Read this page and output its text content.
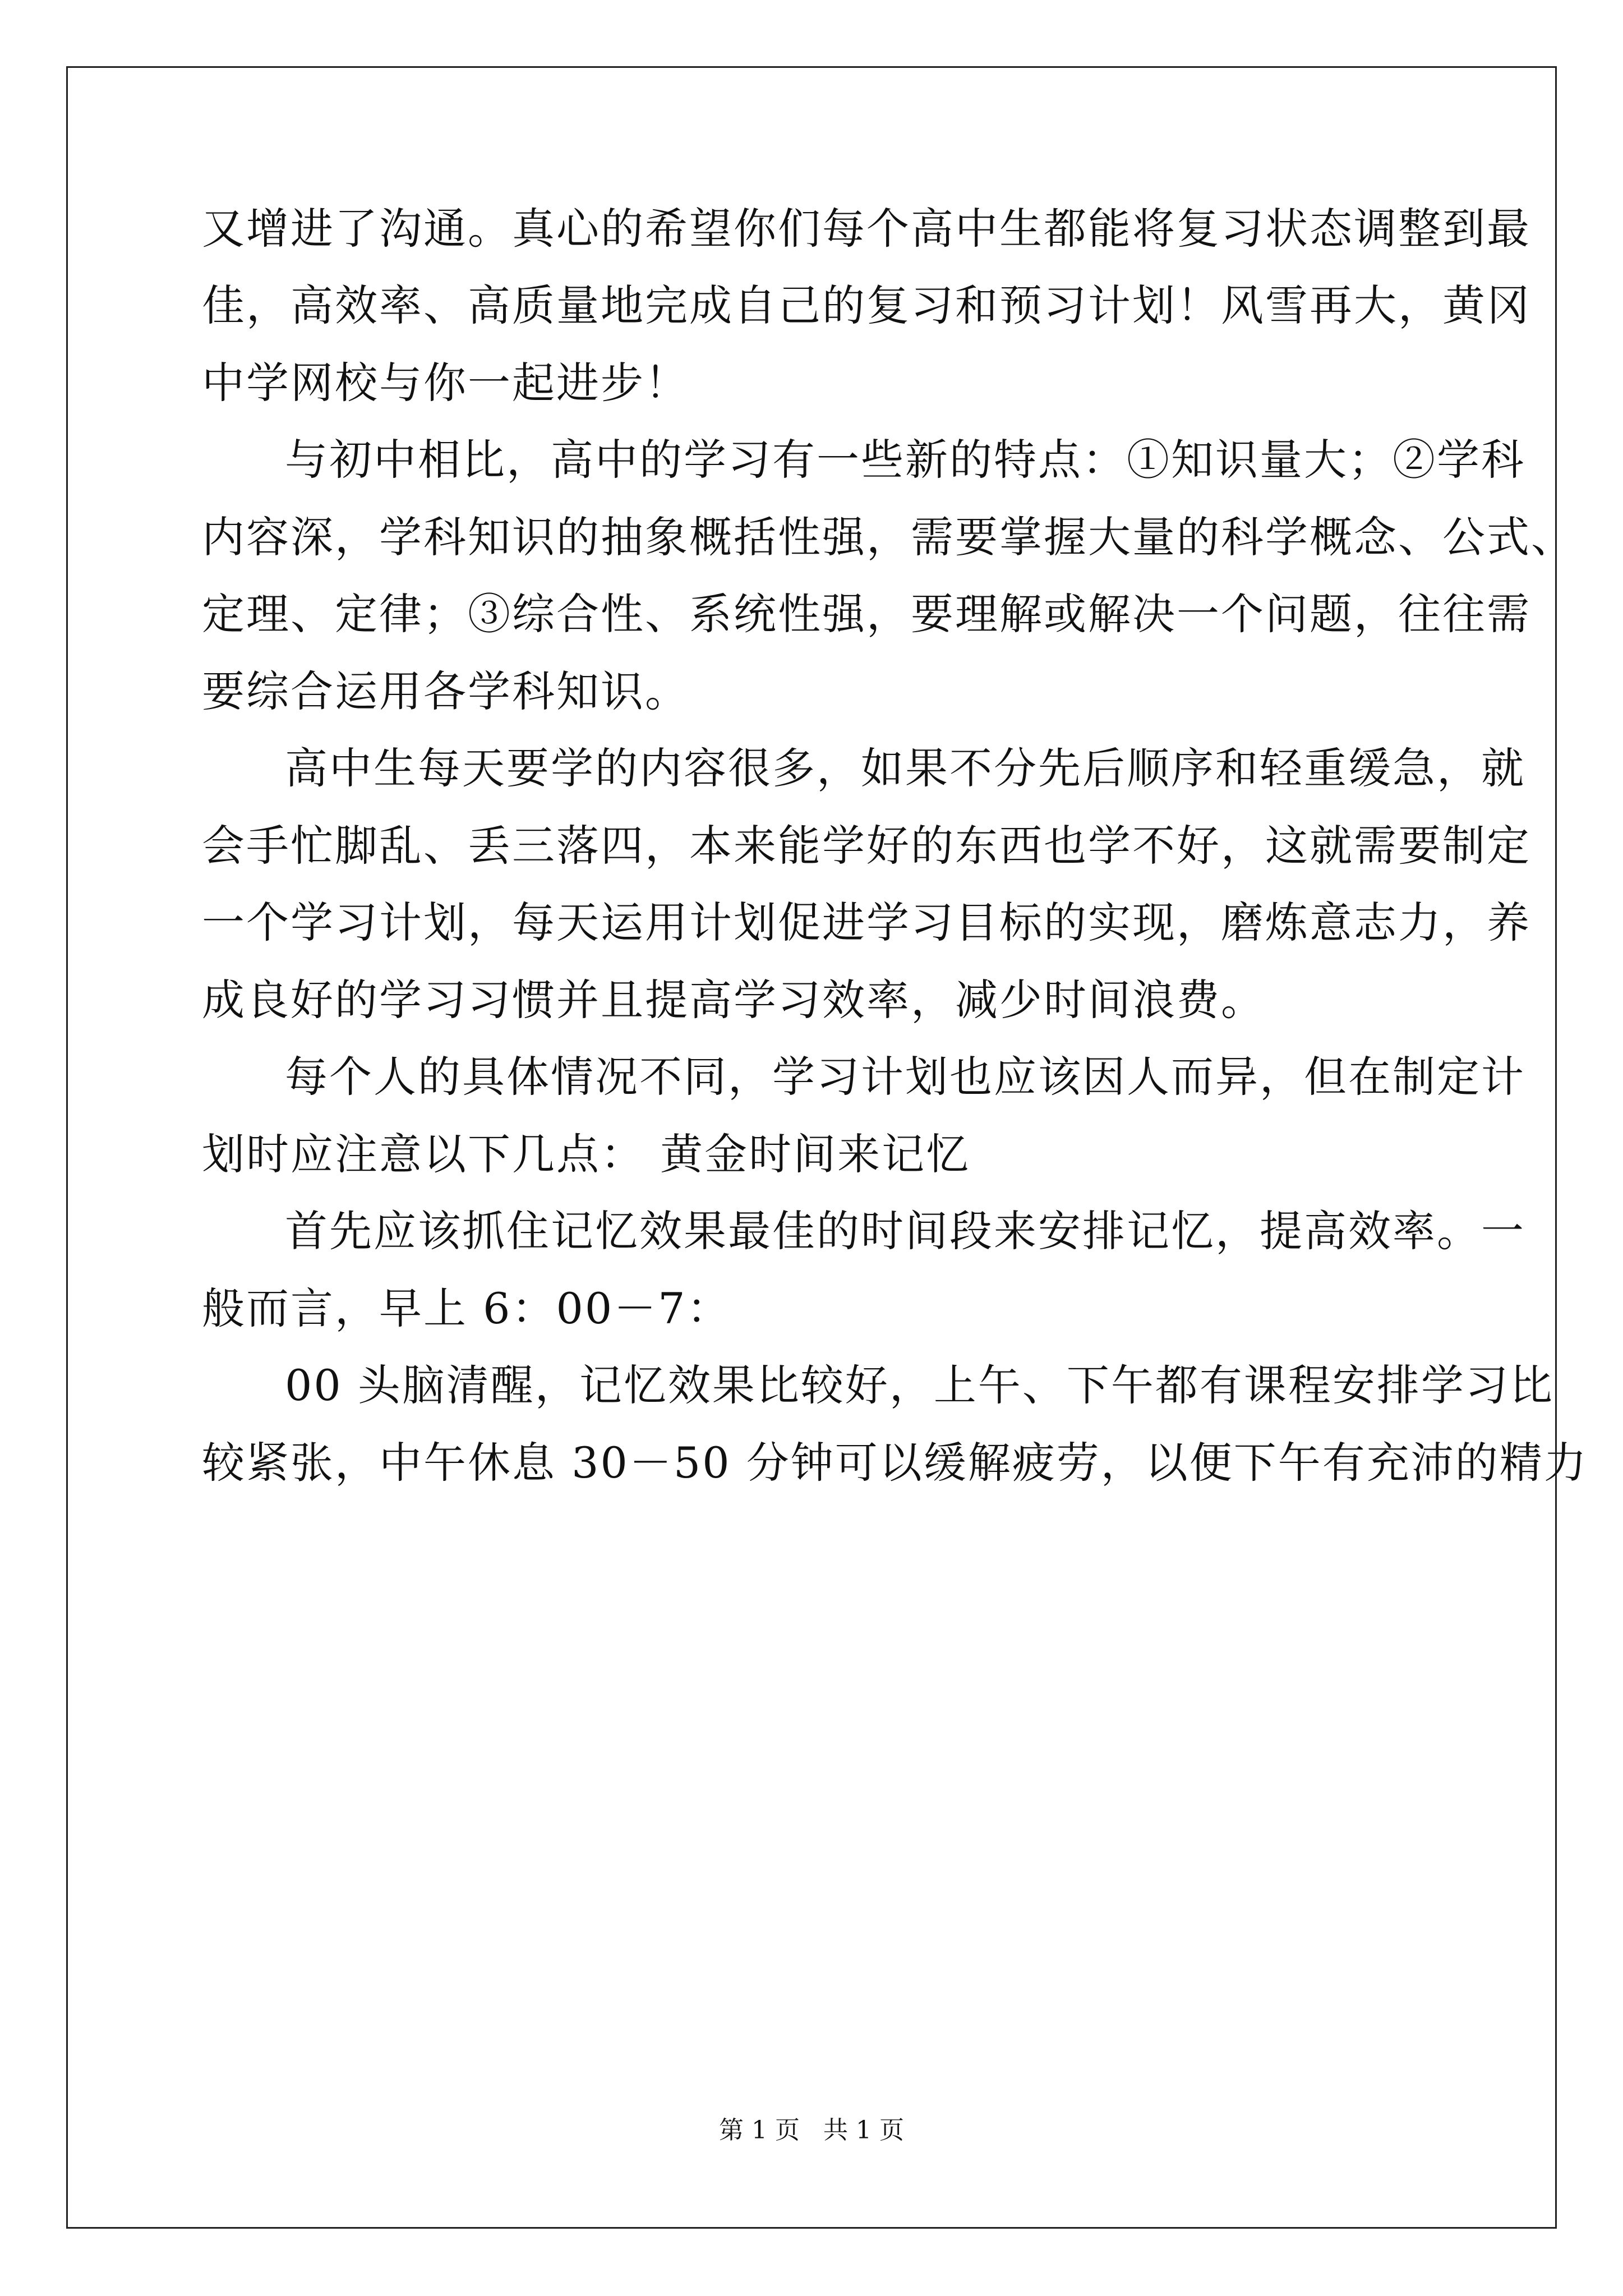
又增进了沟通。真心的希望你们每个高中生都能将复习状态调整到最
佳，高效率、高质量地完成自己的复习和预习计划！风雪再大，黄冈
中学网校与你一起进步！
与初中相比，高中的学习有一些新的特点：①知识量大；②学科
内容深，学科知识的抽象概括性强，需要掌握大量的科学概念、公式、
定理、定律；③综合性、系统性强，要理解或解决一个问题，往往需
要综合运用各学科知识。
高中生每天要学的内容很多，如果不分先后顺序和轻重缓急，就
会手忙脚乱、丢三落四，本来能学好的东西也学不好，这就需要制定
一个学习计划，每天运用计划促进学习目标的实现，磨炼意志力，养
成良好的学习习惯并且提高学习效率，减少时间浪费。
每个人的具体情况不同，学习计划也应该因人而异，但在制定计
划时应注意以下几点： 黄金时间来记忆
首先应该抓住记忆效果最佳的时间段来安排记忆，提高效率。一
般而言，早上 6：00－7：
00 头脑清醒，记忆效果比较好，上午、下午都有课程安排学习比
较紧张，中午休息 30－50 分钟可以缓解疲劳，以便下午有充沛的精力
第 1 页 共 1 页
